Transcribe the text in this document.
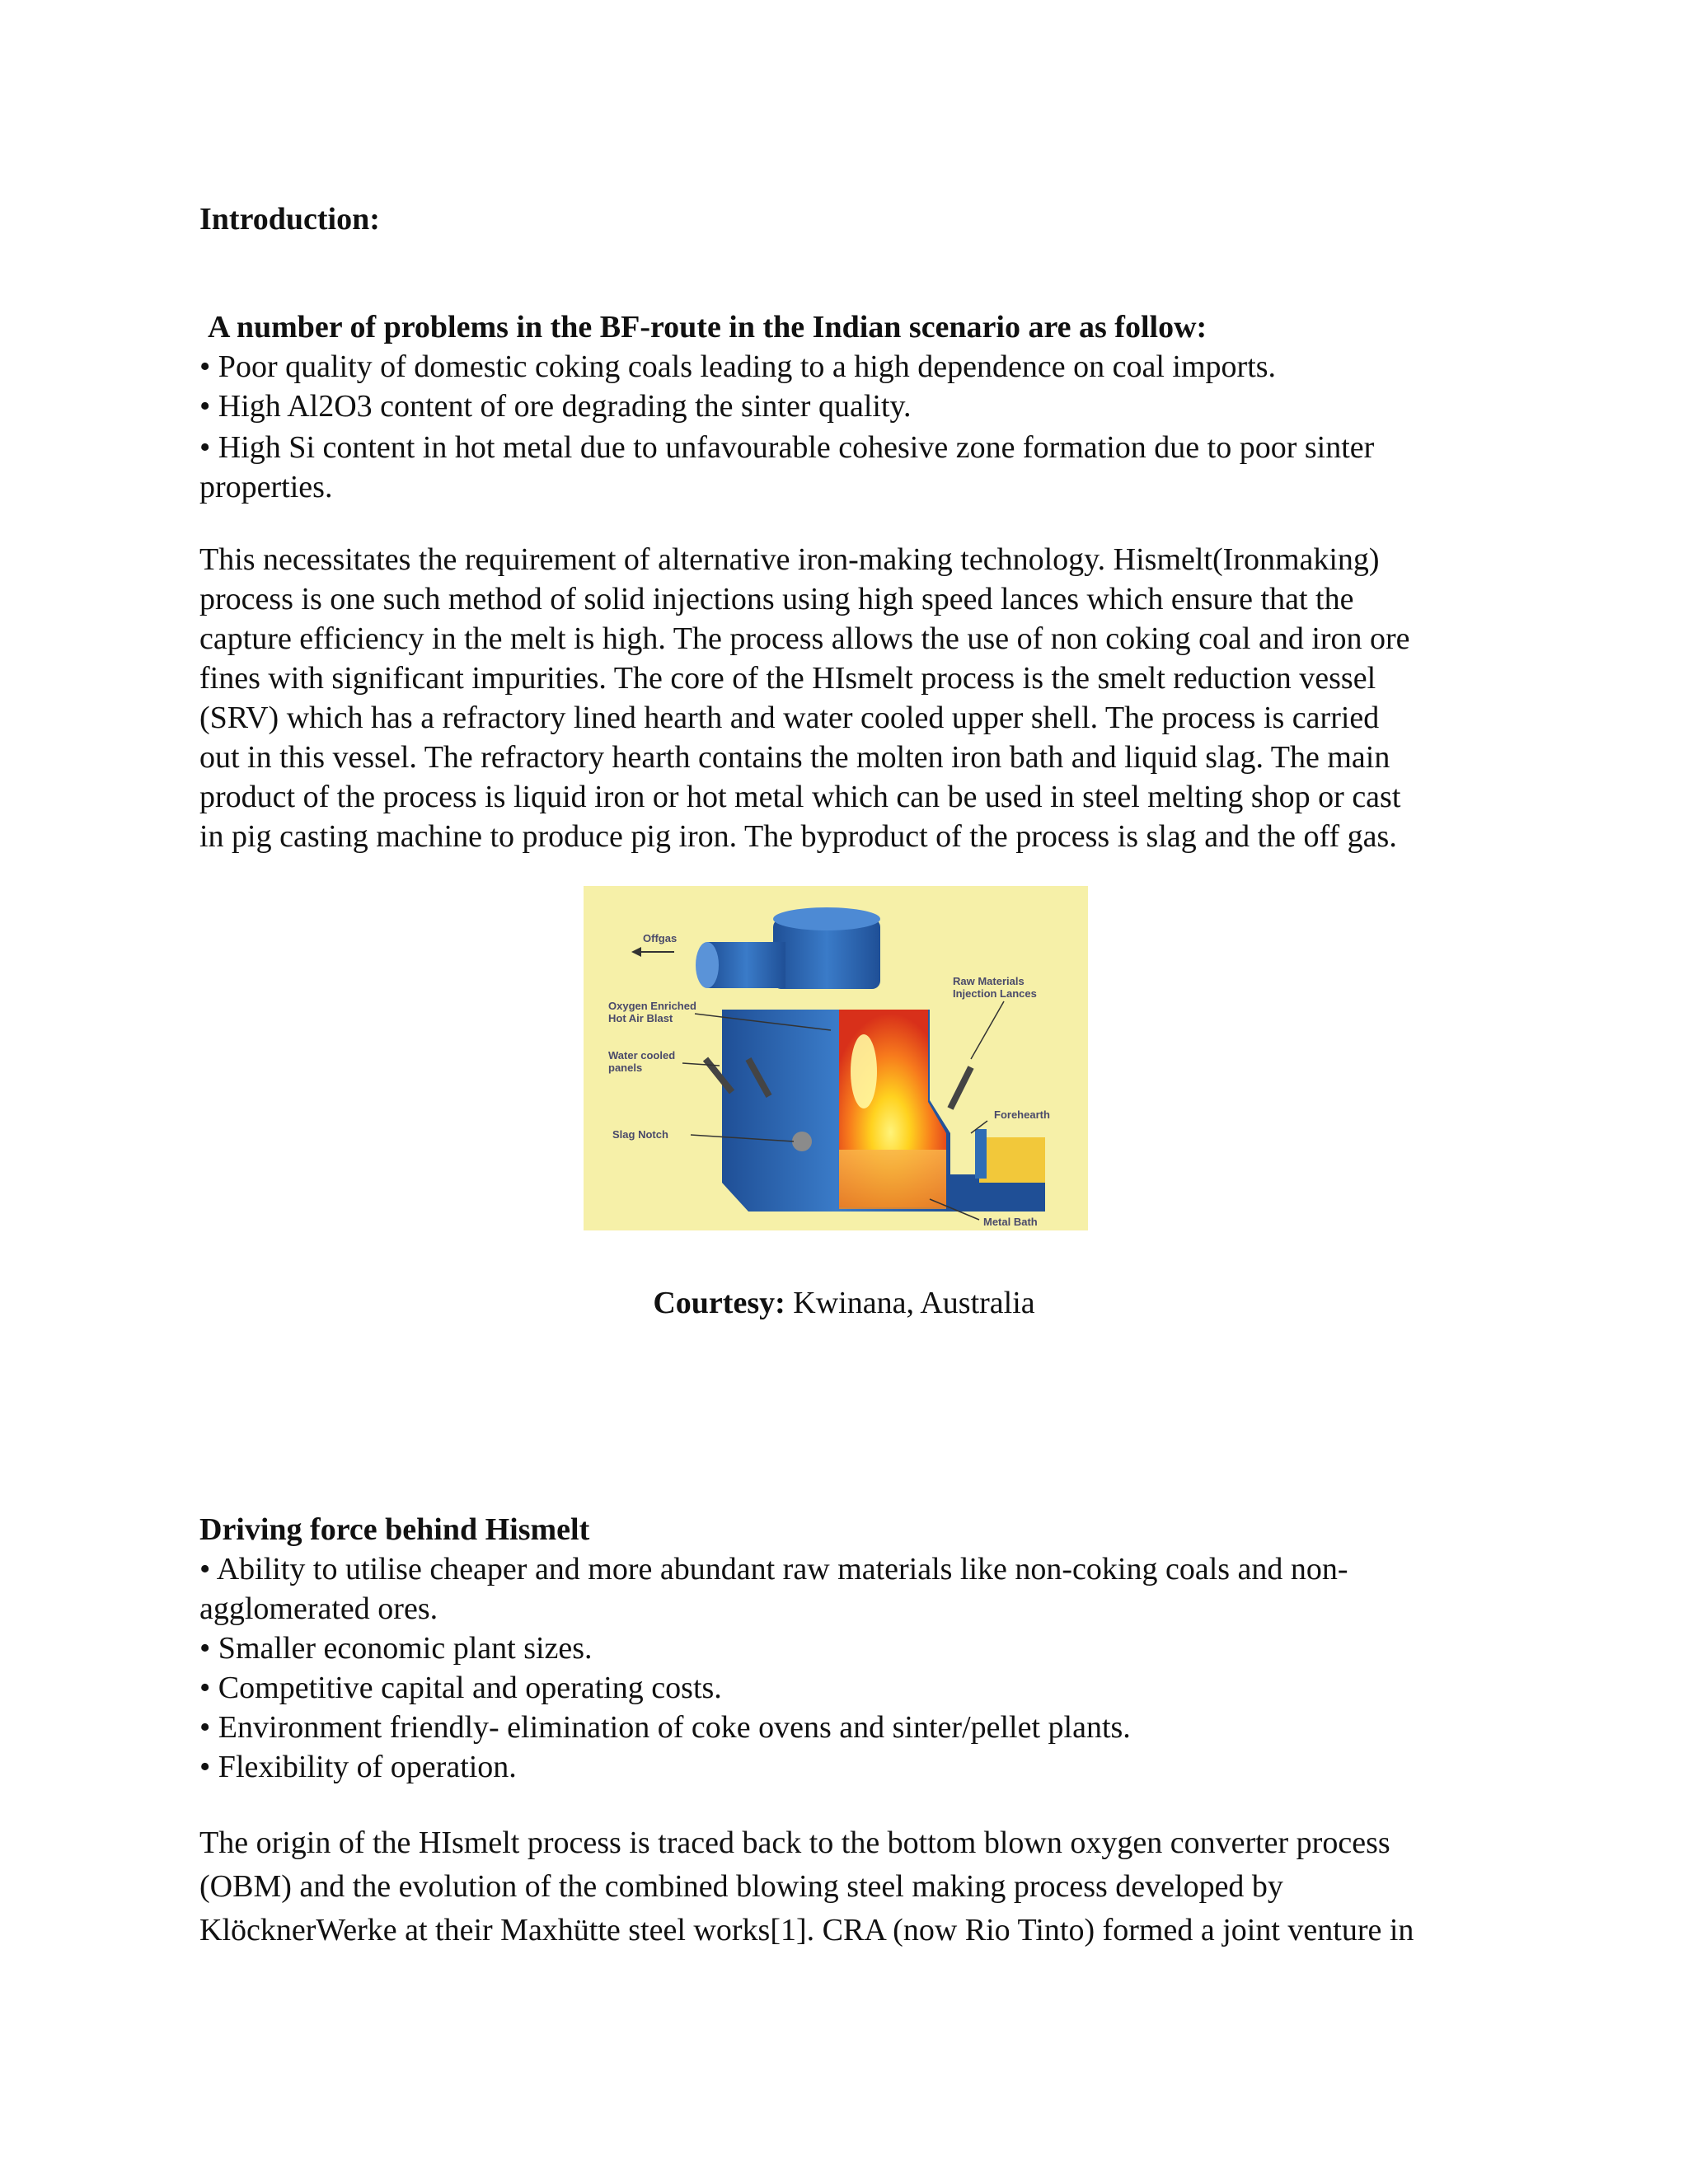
Introduction:
A number of problems in the BF-route in the Indian scenario are as follow:
• Poor quality of domestic coking coals leading to a high dependence on coal imports.
• High Al2O3 content of ore degrading the sinter quality.
• High Si content in hot metal due to unfavourable cohesive zone formation due to poor sinter
properties.
This necessitates the requirement of alternative iron-making technology. Hismelt(Ironmaking)
process is one such method of solid injections using high speed lances which ensure that the
capture efficiency in the melt is high. The process allows the use of non coking coal and iron ore
fines with significant impurities. The core of the HIsmelt process is the smelt reduction vessel
(SRV) which has a refractory lined hearth and water cooled upper shell. The process is carried
out in this vessel. The refractory hearth contains the molten iron bath and liquid slag. The main
product of the process is liquid iron or hot metal which can be used in steel melting shop or cast
in pig casting machine to produce pig iron. The byproduct of the process is slag and the off gas.
Offgas
Oxygen Enriched
Hot Air Blast
Water cooled
panels
Slag Notch
Raw Materials
Injection Lances
Forehearth
Metal Bath
Courtesy: Kwinana, Australia
Driving force behind Hismelt
• Ability to utilise cheaper and more abundant raw materials like non-coking coals and non-
agglomerated ores.
• Smaller economic plant sizes.
• Competitive capital and operating costs.
• Environment friendly- elimination of coke ovens and sinter/pellet plants.
• Flexibility of operation.
The origin of the HIsmelt process is traced back to the bottom blown oxygen converter process
(OBM) and the evolution of the combined blowing steel making process developed by
KlöcknerWerke at their Maxhütte steel works[1]. CRA (now Rio Tinto) formed a joint venture in
